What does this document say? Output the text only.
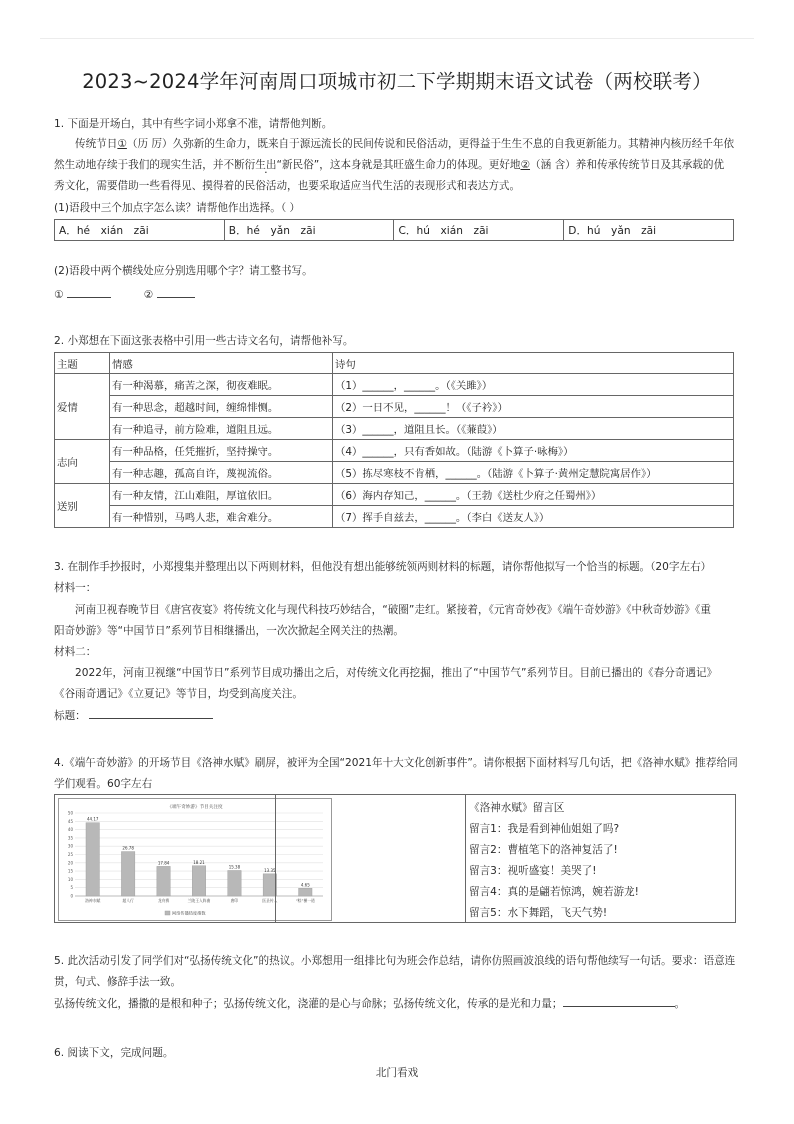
2023~2024学年河南周口项城市初二下学期期末语文试卷（两校联考）
1. 下面是开场白，其中有些字词小郑拿不准，请帮他判断。
传统节日①（历 厉）久弥新的生命力，既来自于源远流长的民间传说和民俗活动，更得益于生生不息的自我更新能力。其精神内核历经千年依
然生动地存续于我们的现实生活，并不断衍生出“新民俗”，这本身就是其旺盛生命力的体现。更好地②（涵 含）养和传承传统节日及其承载的优
秀文化，需要借助一些看得见、摸得着的民俗活动，也要采取适应当代生活的表现形式和表达方式。
(1)语段中三个加点字怎么读？请帮他作出选择。（ ）
A．hé　xián　zāi	B．hé　yǎn　zāi	C．hú　xián　zāi	D．hú　yǎn　zāi
(2)语段中两个横线处应分别选用哪个字？请工整书写。
①	②
2. 小郑想在下面这张表格中引用一些古诗文名句，请帮他补写。
主题	情感	诗句
爱情	有一种渴慕，痛苦之深，彻夜难眠。	（1）______，______。（《关雎》）
	有一种思念，超越时间，缠绵悱恻。	（2）一日不见，______！（《子衿》）
	有一种追寻，前方险难，道阻且远。	（3）______，道阻且长。（《蒹葭》）
志向	有一种品格，任凭摧折，坚持操守。	（4）______，只有香如故。（陆游《卜算子·咏梅》）
	有一种志趣，孤高自许，蔑视流俗。	（5）拣尽寒枝不肯栖，______。（陆游《卜算子·黄州定慧院寓居作》）
送别	有一种友情，江山难阻，厚谊依旧。	（6）海内存知己，______。（王勃《送杜少府之任蜀州》）
	有一种惜别，马鸣人悲，难舍难分。	（7）挥手自兹去，______。（李白《送友人》）
3. 在制作手抄报时，小郑搜集并整理出以下两则材料，但他没有想出能够统领两则材料的标题，请你帮他拟写一个恰当的标题。（20字左右）
材料一：
河南卫视春晚节目《唐宫夜宴》将传统文化与现代科技巧妙结合，“破圈”走红。紧接着，《元宵奇妙夜》《端午奇妙游》《中秋奇妙游》《重
阳奇妙游》等“中国节日”系列节目相继播出，一次次掀起全网关注的热潮。
材料二：
2022年，河南卫视继“中国节日”系列节目成功播出之后，对传统文化再挖掘，推出了“中国节气”系列节目。目前已播出的《春分奇遇记》
《谷雨奇遇记》《立夏记》等节目，均受到高度关注。
标题：
4.《端午奇妙游》的开场节目《洛神水赋》刷屏，被评为全国“2021年十大文化创新事件”。请你根据下面材料写几句话，把《洛神水赋》推荐给同
学们观看。60字左右
《端午奇妙游》节目关注度
0
5
10
15
20
25
30
35
40
45
50
44.17
洛神水赋
26.78
超人行
17.84
龙舟赛
18.21
兰陵王入阵曲
15.38
唐印
13.35
医圣传人
4.65
“粽”横一道
网络传播热度指数
《洛神水赋》留言区
留言1：我是看到神仙姐姐了吗?
留言2：曹植笔下的洛神复活了!
留言3：视听盛宴！美哭了!
留言4：真的是翩若惊鸿，婉若游龙!
留言5：水下舞蹈，飞天气势!
5. 此次活动引发了同学们对“弘扬传统文化”的热议。小郑想用一组排比句为班会作总结，请你仿照画波浪线的语句帮他续写一句话。要求：语意连
贯，句式、修辞手法一致。
弘扬传统文化，播撒的是根和种子；弘扬传统文化，浇灌的是心与命脉；弘扬传统文化，传承的是光和力量；	。
6. 阅读下文，完成问题。
北门看戏
